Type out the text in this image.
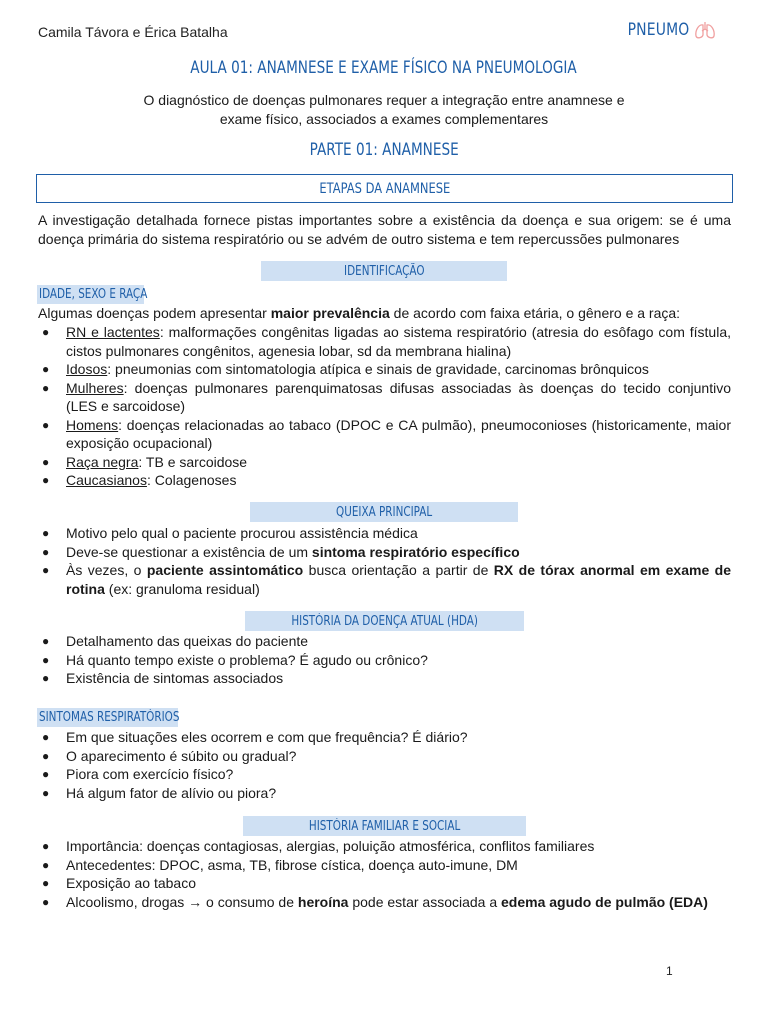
Camila Távora e Érica Batalha	PNEUMO
AULA 01: ANAMNESE E EXAME FÍSICO NA PNEUMOLOGIA
O diagnóstico de doenças pulmonares requer a integração entre anamnese e
exame físico, associados a exames complementares
PARTE 01: ANAMNESE
ETAPAS DA ANAMNESE
A investigação detalhada fornece pistas importantes sobre a existência da doença e sua origem: se é uma doença primária do sistema respiratório ou se advém de outro sistema e tem repercussões pulmonares
IDENTIFICAÇÃO
IDADE, SEXO E RAÇA
Algumas doenças podem apresentar maior prevalência de acordo com faixa etária, o gênero e a raça:
● RN e lactentes: malformações congênitas ligadas ao sistema respiratório (atresia do esôfago com fístula, cistos pulmonares congênitos, agenesia lobar, sd da membrana hialina)
● Idosos: pneumonias com sintomatologia atípica e sinais de gravidade, carcinomas brônquicos
● Mulheres: doenças pulmonares parenquimatosas difusas associadas às doenças do tecido conjuntivo (LES e sarcoidose)
● Homens: doenças relacionadas ao tabaco (DPOC e CA pulmão), pneumoconioses (historicamente, maior exposição ocupacional)
● Raça negra: TB e sarcoidose
● Caucasianos: Colagenoses
QUEIXA PRINCIPAL
● Motivo pelo qual o paciente procurou assistência médica
● Deve-se questionar a existência de um sintoma respiratório específico
● Às vezes, o paciente assintomático busca orientação a partir de RX de tórax anormal em exame de rotina (ex: granuloma residual)
HISTÓRIA DA DOENÇA ATUAL (HDA)
● Detalhamento das queixas do paciente
● Há quanto tempo existe o problema? É agudo ou crônico?
● Existência de sintomas associados
SINTOMAS RESPIRATÓRIOS
● Em que situações eles ocorrem e com que frequência? É diário?
● O aparecimento é súbito ou gradual?
● Piora com exercício físico?
● Há algum fator de alívio ou piora?
HISTÓRIA FAMILIAR E SOCIAL
● Importância: doenças contagiosas, alergias, poluição atmosférica, conflitos familiares
● Antecedentes: DPOC, asma, TB, fibrose cística, doença auto-imune, DM
● Exposição ao tabaco
● Alcoolismo, drogas → o consumo de heroína pode estar associada a edema agudo de pulmão (EDA)
1
